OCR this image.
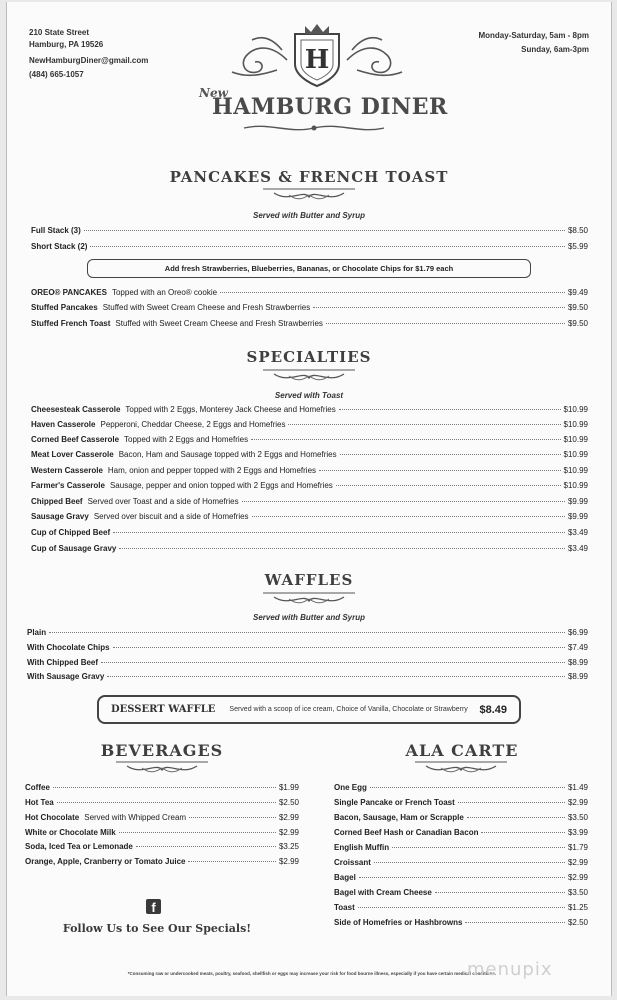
210 State Street
Hamburg, PA 19526
NewHamburgDiner@gmail.com
(484) 665-1057
Monday-Saturday, 5am - 8pm
Sunday, 6am-3pm
H
New
HAMBURG DINER
PANCAKES & FRENCH TOAST
Served with Butter and Syrup
Full Stack (3)	$8.50
Short Stack (2)	$5.99
Add fresh Strawberries, Blueberries, Bananas, or Chocolate Chips for $1.79 each
OREO® PANCAKES Topped with an Oreo® cookie	$9.49
Stuffed Pancakes Stuffed with Sweet Cream Cheese and Fresh Strawberries	$9.50
Stuffed French Toast Stuffed with Sweet Cream Cheese and Fresh Strawberries	$9.50
SPECIALTIES
Served with Toast
Cheesesteak Casserole Topped with 2 Eggs, Monterey Jack Cheese and Homefries	$10.99
Haven Casserole Pepperoni, Cheddar Cheese, 2 Eggs and Homefries	$10.99
Corned Beef Casserole Topped with 2 Eggs and Homefries	$10.99
Meat Lover Casserole Bacon, Ham and Sausage topped with 2 Eggs and Homefries	$10.99
Western Casserole Ham, onion and pepper topped with 2 Eggs and Homefries	$10.99
Farmer's Casserole Sausage, pepper and onion topped with 2 Eggs and Homefries	$10.99
Chipped Beef Served over Toast and a side of Homefries	$9.99
Sausage Gravy Served over biscuit and a side of Homefries	$9.99
Cup of Chipped Beef	$3.49
Cup of Sausage Gravy	$3.49
WAFFLES
Served with Butter and Syrup
Plain	$6.99
With Chocolate Chips	$7.49
With Chipped Beef	$8.99
With Sausage Gravy	$8.99
DESSERT WAFFLE Served with a scoop of ice cream, Choice of Vanilla, Chocolate or Strawberry $8.49
BEVERAGES
Coffee	$1.99
Hot Tea	$2.50
Hot Chocolate Served with Whipped Cream	$2.99
White or Chocolate Milk	$2.99
Soda, Iced Tea or Lemonade	$3.25
Orange, Apple, Cranberry or Tomato Juice	$2.99
ALA CARTE
One Egg	$1.49
Single Pancake or French Toast	$2.99
Bacon, Sausage, Ham or Scrapple	$3.50
Corned Beef Hash or Canadian Bacon	$3.99
English Muffin	$1.79
Croissant	$2.99
Bagel	$2.99
Bagel with Cream Cheese	$3.50
Toast	$1.25
Side of Homefries or Hashbrowns	$2.50
f
Follow Us to See Our Specials!
*Consuming raw or undercooked meats, poultry, seafood, shellfish or eggs may increase your risk for food bourne illness, especially if you have certain medical conditions.
menupix
